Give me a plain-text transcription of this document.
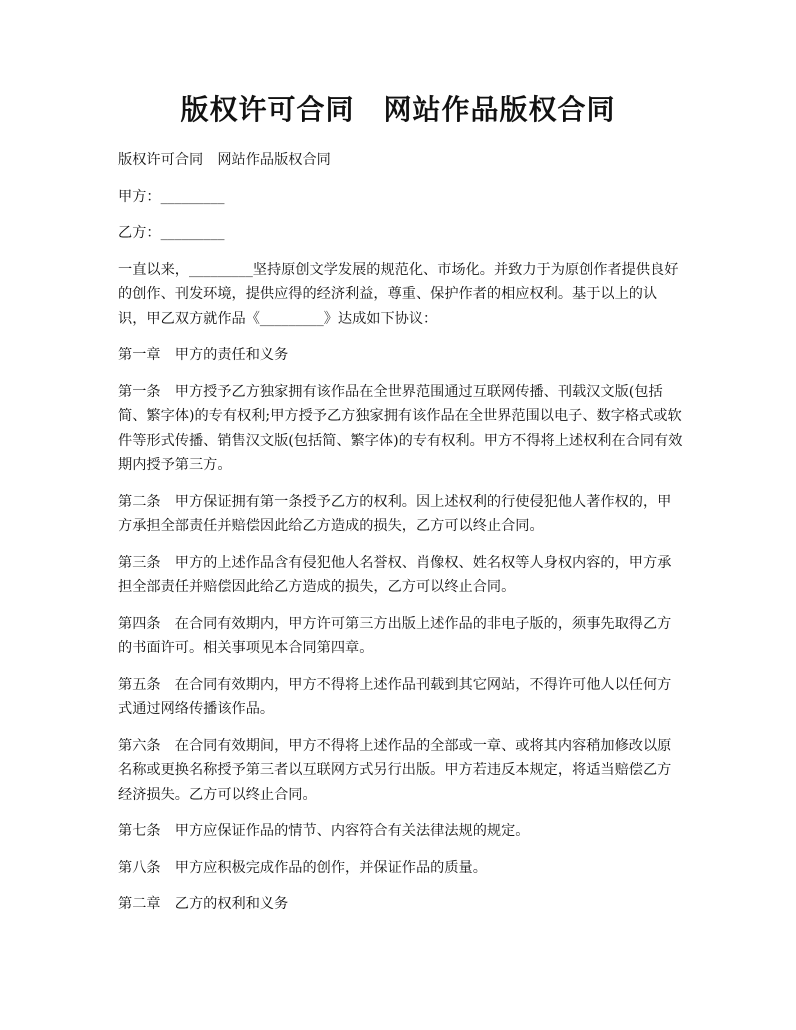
版权许可合同　网站作品版权合同

版权许可合同　网站作品版权合同

甲方：_________

乙方：_________

一直以来，_________坚持原创文学发展的规范化、市场化。并致力于为原创作者提供良好的创作、刊发环境，提供应得的经济利益，尊重、保护作者的相应权利。基于以上的认识，甲乙双方就作品《_________》达成如下协议：

第一章　甲方的责任和义务

第一条　甲方授予乙方独家拥有该作品在全世界范围通过互联网传播、刊载汉文版(包括简、繁字体)的专有权利;甲方授予乙方独家拥有该作品在全世界范围以电子、数字格式或软件等形式传播、销售汉文版(包括简、繁字体)的专有权利。甲方不得将上述权利在合同有效期内授予第三方。

第二条　甲方保证拥有第一条授予乙方的权利。因上述权利的行使侵犯他人著作权的，甲方承担全部责任并赔偿因此给乙方造成的损失，乙方可以终止合同。

第三条　甲方的上述作品含有侵犯他人名誉权、肖像权、姓名权等人身权内容的，甲方承担全部责任并赔偿因此给乙方造成的损失，乙方可以终止合同。

第四条　在合同有效期内，甲方许可第三方出版上述作品的非电子版的，须事先取得乙方的书面许可。相关事项见本合同第四章。

第五条　在合同有效期内，甲方不得将上述作品刊载到其它网站，不得许可他人以任何方式通过网络传播该作品。

第六条　在合同有效期间，甲方不得将上述作品的全部或一章、或将其内容稍加修改以原名称或更换名称授予第三者以互联网方式另行出版。甲方若违反本规定，将适当赔偿乙方经济损失。乙方可以终止合同。

第七条　甲方应保证作品的情节、内容符合有关法律法规的规定。

第八条　甲方应积极完成作品的创作，并保证作品的质量。

第二章　乙方的权利和义务
